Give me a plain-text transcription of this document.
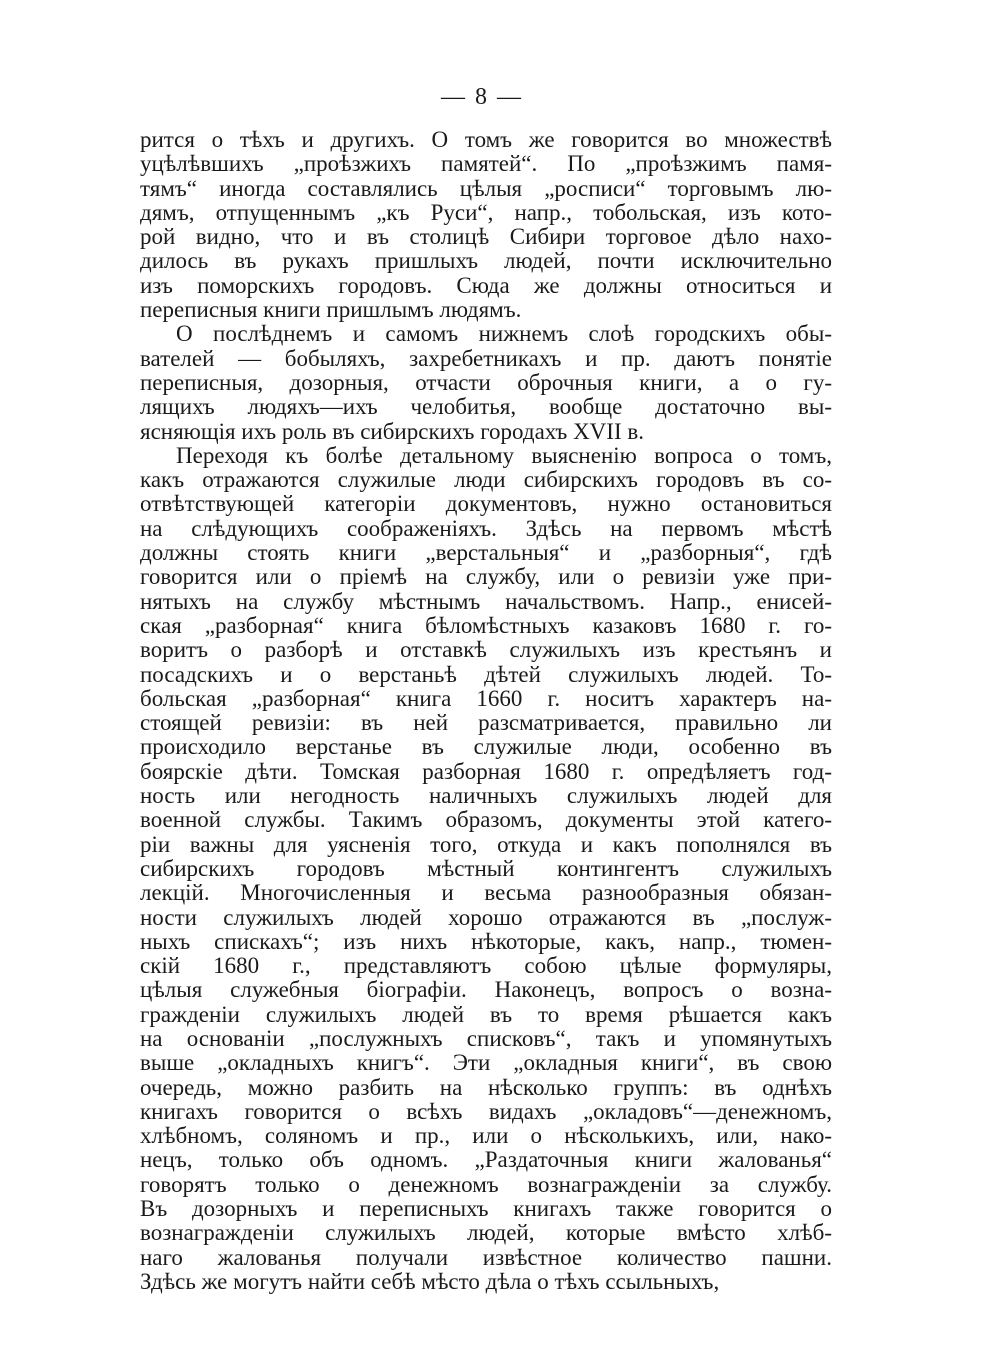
— 8 —
рится о тѣхъ и другихъ. О томъ же говорится во множествѣ
уцѣлѣвшихъ „проѣзжихъ памятей“. По „проѣзжимъ памя-
тямъ“ иногда составлялись цѣлыя „росписи“ торговымъ лю-
дямъ, отпущеннымъ „къ Руси“, напр., тобольская, изъ кото-
рой видно, что и въ столицѣ Сибири торговое дѣло нахо-
дилось въ рукахъ пришлыхъ людей, почти исключительно
изъ поморскихъ городовъ. Сюда же должны относиться и
переписныя книги пришлымъ людямъ.
О послѣднемъ и самомъ нижнемъ слоѣ городскихъ обы-
вателей — бобыляхъ, захребетникахъ и пр. даютъ понятіе
переписныя, дозорныя, отчасти оброчныя книги, а о гу-
лящихъ людяхъ—ихъ челобитья, вообще достаточно вы-
ясняющія ихъ роль въ сибирскихъ городахъ XVII в.
Переходя къ болѣе детальному выясненію вопроса о томъ,
какъ отражаются служилые люди сибирскихъ городовъ въ со-
отвѣтствующей категоріи документовъ, нужно остановиться
на слѣдующихъ соображеніяхъ. Здѣсь на первомъ мѣстѣ
должны стоять книги „верстальныя“ и „разборныя“, гдѣ
говорится или о пріемѣ на службу, или о ревизіи уже при-
нятыхъ на службу мѣстнымъ начальствомъ. Напр., енисей-
ская „разборная“ книга бѣломѣстныхъ казаковъ 1680 г. го-
воритъ о разборѣ и отставкѣ служилыхъ изъ крестьянъ и
посадскихъ и о верстаньѣ дѣтей служилыхъ людей. То-
больская „разборная“ книга 1660 г. носитъ характеръ на-
стоящей ревизіи: въ ней разсматривается, правильно ли
происходило верстанье въ служилые люди, особенно въ
боярскіе дѣти. Томская разборная 1680 г. опредѣляетъ год-
ность или негодность наличныхъ служилыхъ людей для
военной службы. Такимъ образомъ, документы этой катего-
ріи важны для уясненія того, откуда и какъ пополнялся въ
сибирскихъ городовъ мѣстный контингентъ служилыхъ
лекцій. Многочисленныя и весьма разнообразныя обязан-
ности служилыхъ людей хорошо отражаются въ „послуж-
ныхъ спискахъ“; изъ нихъ нѣкоторые, какъ, напр., тюмен-
скій 1680 г., представляютъ собою цѣлые формуляры,
цѣлыя служебныя біографіи. Наконецъ, вопросъ о возна-
гражденіи служилыхъ людей въ то время рѣшается какъ
на основаніи „послужныхъ списковъ“, такъ и упомянутыхъ
выше „окладныхъ книгъ“. Эти „окладныя книги“, въ свою
очередь, можно разбить на нѣсколько группъ: въ однѣхъ
книгахъ говорится о всѣхъ видахъ „окладовъ“—денежномъ,
хлѣбномъ, соляномъ и пр., или о нѣсколькихъ, или, нако-
нецъ, только объ одномъ. „Раздаточныя книги жалованья“
говорятъ только о денежномъ вознагражденіи за службу.
Въ дозорныхъ и переписныхъ книгахъ также говорится о
вознагражденіи служилыхъ людей, которые вмѣсто хлѣб-
наго жалованья получали извѣстное количество пашни.
Здѣсь же могутъ найти себѣ мѣсто дѣла о тѣхъ ссыльныхъ,
